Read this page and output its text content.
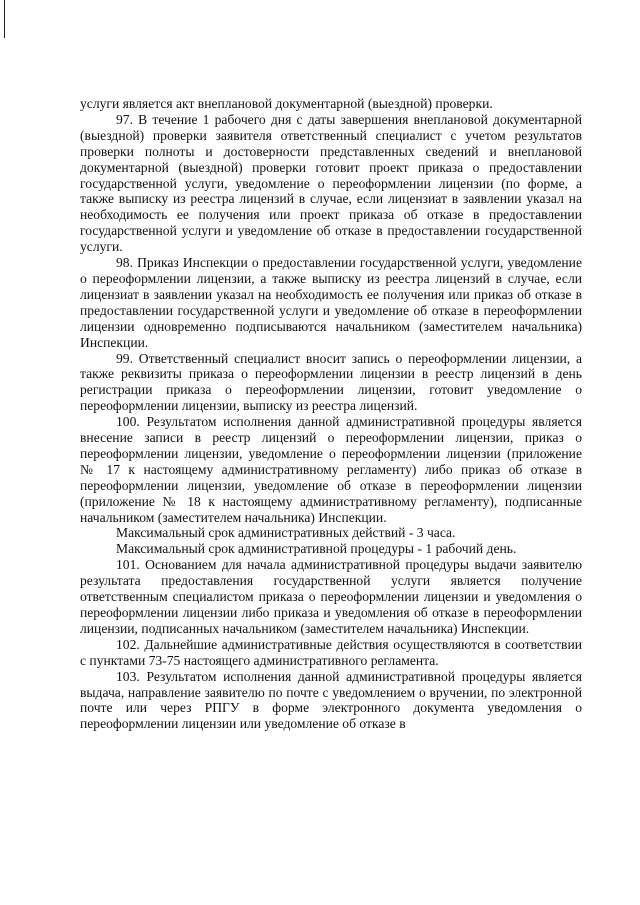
услуги является акт внеплановой документарной (выездной) проверки.

97. В течение 1 рабочего дня с даты завершения внеплановой документарной (выездной) проверки заявителя ответственный специалист с учетом результатов проверки полноты и достоверности представленных сведений и внеплановой документарной (выездной) проверки готовит проект приказа о предоставлении государственной услуги, уведомление о переоформлении лицензии (по форме, а также выписку из реестра лицензий в случае, если лицензиат в заявлении указал на необходимость ее получения или проект приказа об отказе в предоставлении государственной услуги и уведомление об отказе в предоставлении государственной услуги.

98. Приказ Инспекции о предоставлении государственной услуги, уведомление о переоформлении лицензии, а также выписку из реестра лицензий в случае, если лицензиат в заявлении указал на необходимость ее получения или приказ об отказе в предоставлении государственной услуги и уведомление об отказе в переоформлении лицензии одновременно подписываются начальником (заместителем начальника) Инспекции.

99. Ответственный специалист вносит запись о переоформлении лицензии, а также реквизиты приказа о переоформлении лицензии в реестр лицензий в день регистрации приказа о переоформлении лицензии, готовит уведомление о переоформлении лицензии, выписку из реестра лицензий.

100. Результатом исполнения данной административной процедуры является внесение записи в реестр лицензий о переоформлении лицензии, приказ о переоформлении лицензии, уведомление о переоформлении лицензии (приложение № 17 к настоящему административному регламенту) либо приказ об отказе в переоформлении лицензии, уведомление об отказе в переоформлении лицензии (приложение № 18 к настоящему административному регламенту), подписанные начальником (заместителем начальника) Инспекции.

Максимальный срок административных действий - 3 часа.

Максимальный срок административной процедуры - 1 рабочий день.

101. Основанием для начала административной процедуры выдачи заявителю результата предоставления государственной услуги является получение ответственным специалистом приказа о переоформлении лицензии и уведомления о переоформлении лицензии либо приказа и уведомления об отказе в переоформлении лицензии, подписанных начальником (заместителем начальника) Инспекции.

102. Дальнейшие административные действия осуществляются в соответствии с пунктами 73-75 настоящего административного регламента.

103. Результатом исполнения данной административной процедуры является выдача, направление заявителю по почте с уведомлением о вручении, по электронной почте или через РПГУ в форме электронного документа уведомления о переоформлении лицензии или уведомление об отказе в
